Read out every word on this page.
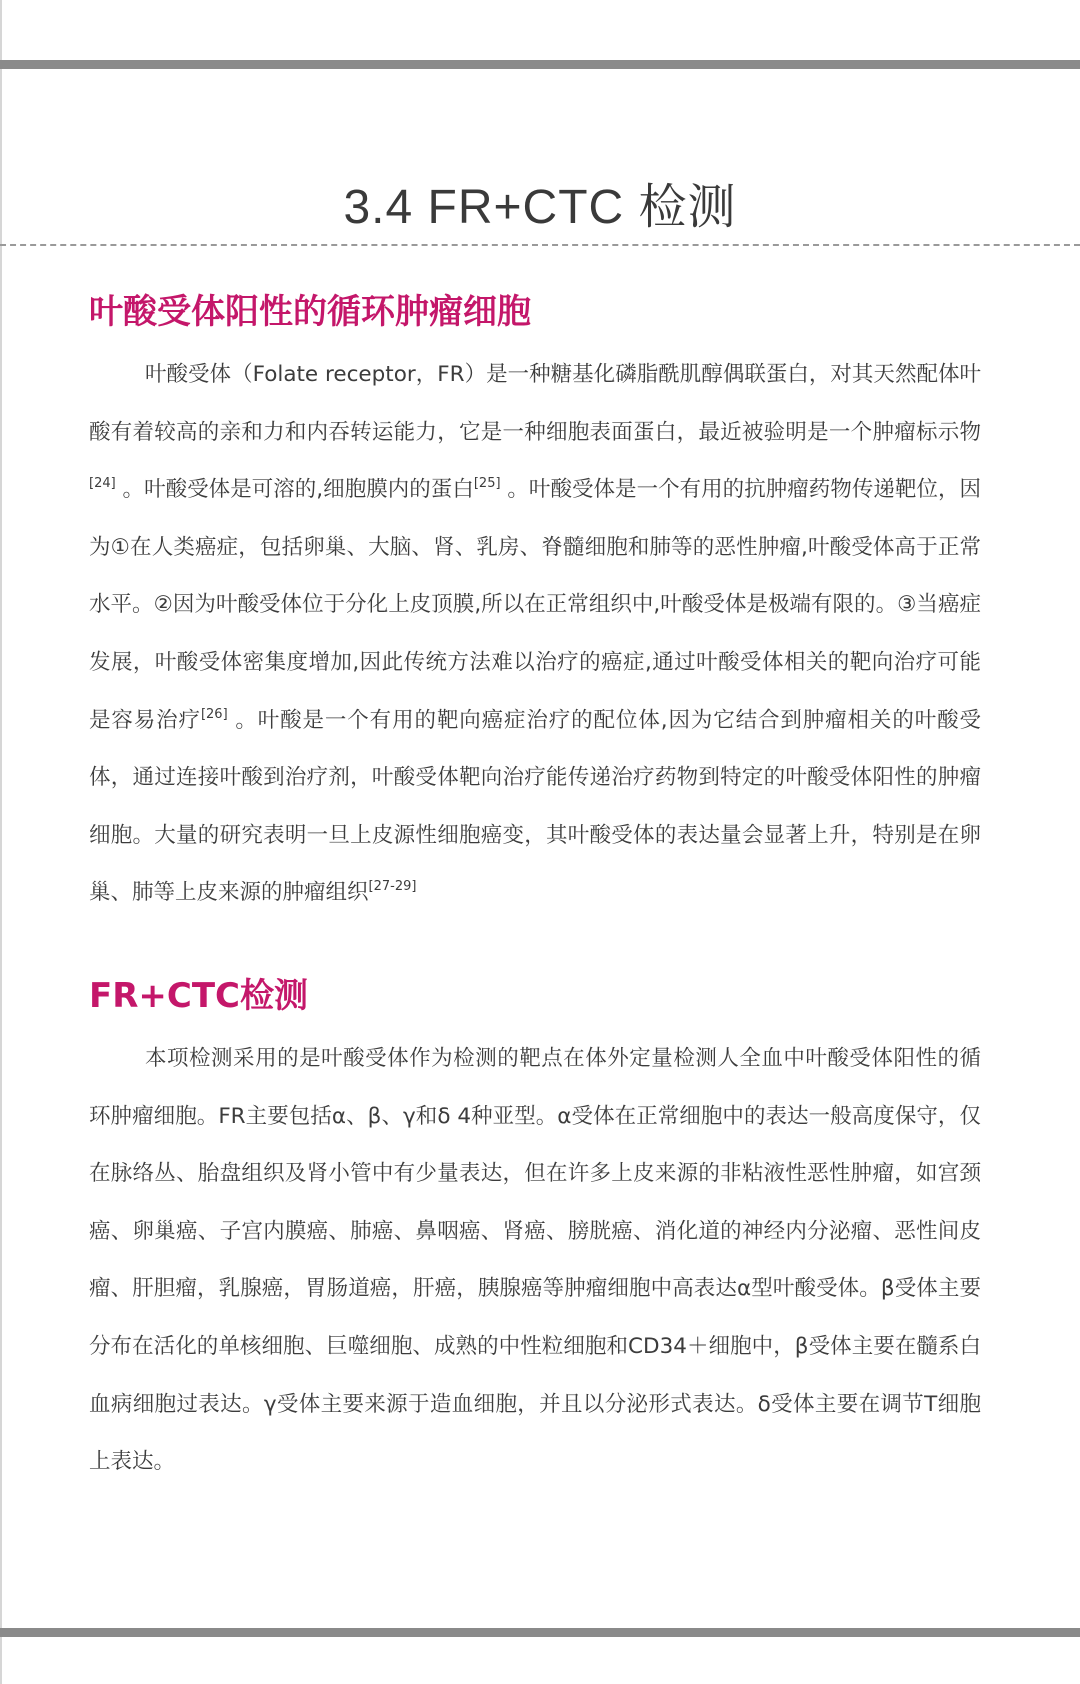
3.4 FR+CTC 检测
叶酸受体阳性的循环肿瘤细胞

叶酸受体（Folate receptor，FR）是一种糖基化磷脂酰肌醇偶联蛋白，对其天然配体叶酸有着较高的亲和力和内吞转运能力，它是一种细胞表面蛋白，最近被验明是一个肿瘤标示物[24] 。叶酸受体是可溶的,细胞膜内的蛋白[25] 。叶酸受体是一个有用的抗肿瘤药物传递靶位，因为①在人类癌症，包括卵巢、大脑、肾、乳房、脊髓细胞和肺等的恶性肿瘤,叶酸受体高于正常水平。②因为叶酸受体位于分化上皮顶膜,所以在正常组织中,叶酸受体是极端有限的。③当癌症发展，叶酸受体密集度增加,因此传统方法难以治疗的癌症,通过叶酸受体相关的靶向治疗可能是容易治疗[26] 。叶酸是一个有用的靶向癌症治疗的配位体,因为它结合到肿瘤相关的叶酸受体，通过连接叶酸到治疗剂，叶酸受体靶向治疗能传递治疗药物到特定的叶酸受体阳性的肿瘤细胞。大量的研究表明一旦上皮源性细胞癌变，其叶酸受体的表达量会显著上升，特别是在卵巢、肺等上皮来源的肿瘤组织[27-29]

FR+CTC检测

本项检测采用的是叶酸受体作为检测的靶点在体外定量检测人全血中叶酸受体阳性的循环肿瘤细胞。FR主要包括α、β、γ和δ 4种亚型。α受体在正常细胞中的表达一般高度保守，仅在脉络丛、胎盘组织及肾小管中有少量表达，但在许多上皮来源的非粘液性恶性肿瘤，如宫颈癌、卵巢癌、子宫内膜癌、肺癌、鼻咽癌、肾癌、膀胱癌、消化道的神经内分泌瘤、恶性间皮瘤、肝胆瘤，乳腺癌，胃肠道癌，肝癌，胰腺癌等肿瘤细胞中高表达α型叶酸受体。β受体主要分布在活化的单核细胞、巨噬细胞、成熟的中性粒细胞和CD34＋细胞中，β受体主要在髓系白血病细胞过表达。γ受体主要来源于造血细胞，并且以分泌形式表达。δ受体主要在调节T细胞上表达。
